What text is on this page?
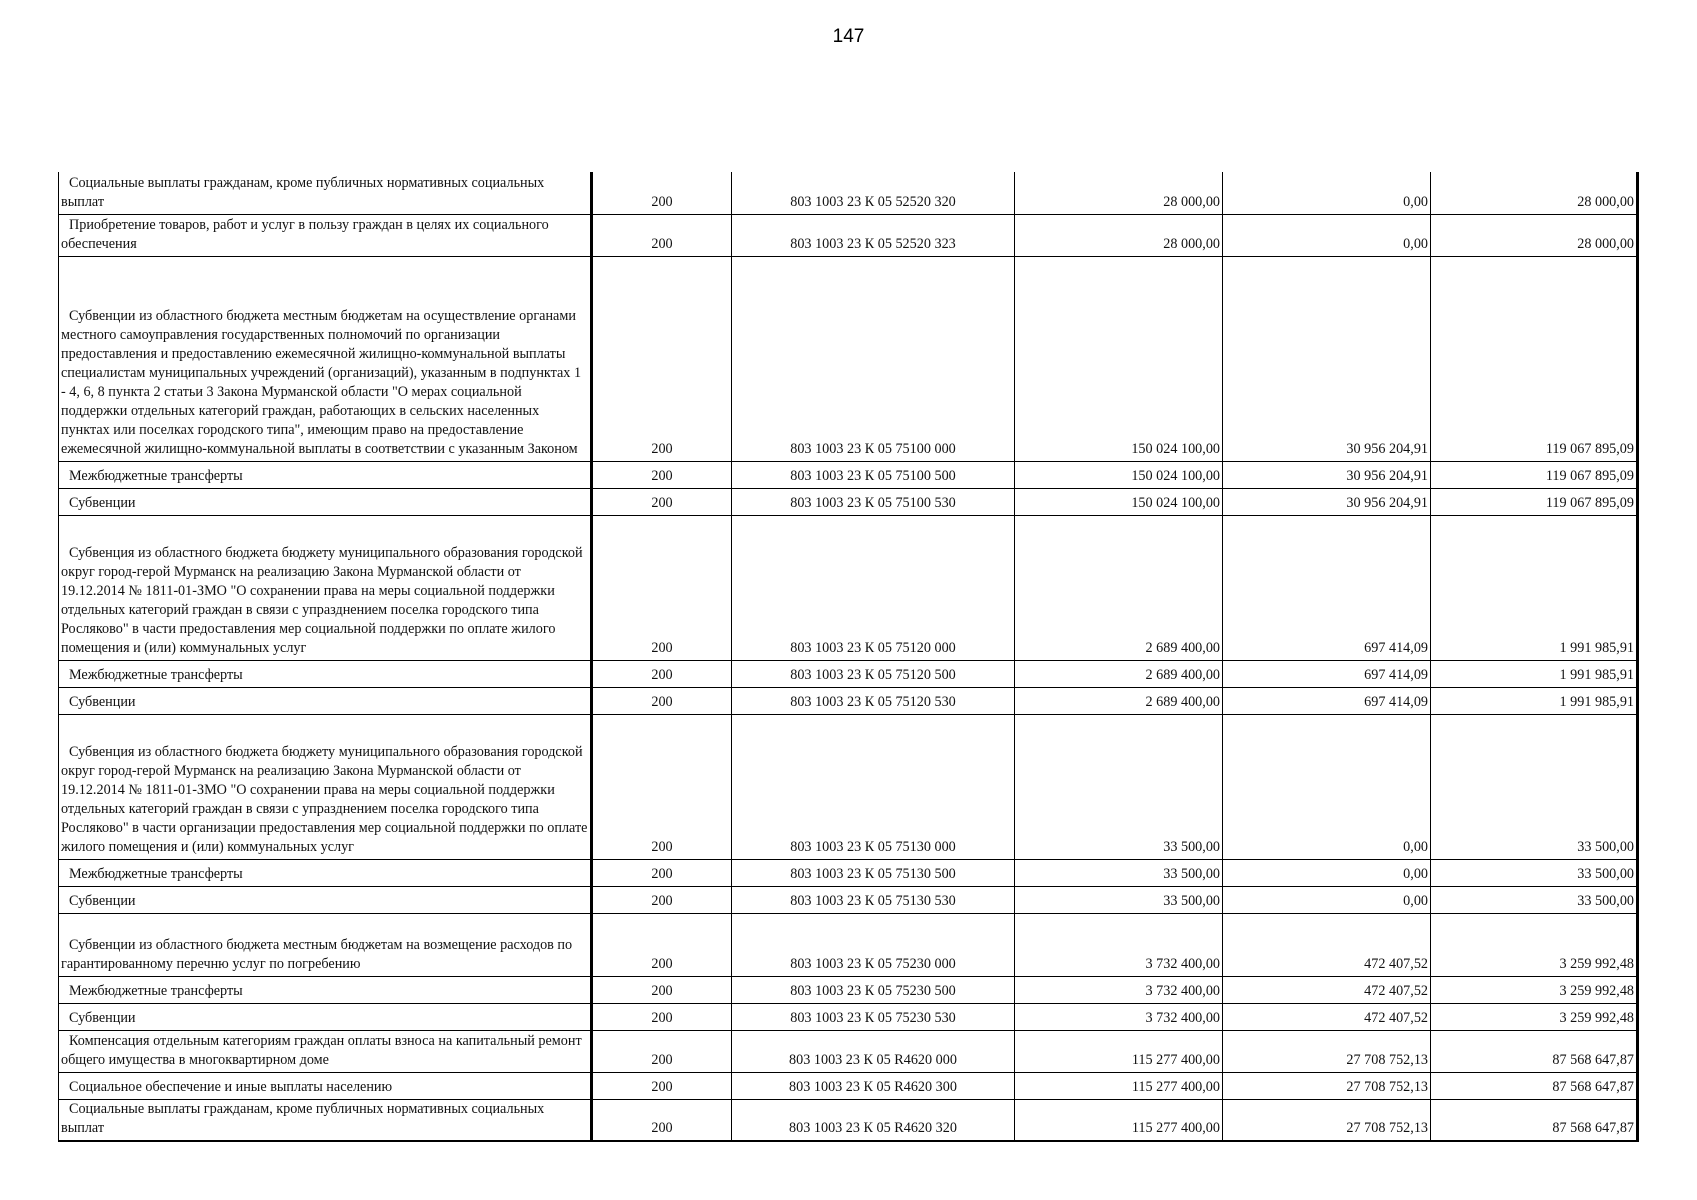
147
Социальные выплаты гражданам, кроме публичных нормативных социальных выплат	200	803 1003 23 К 05 52520 320	28 000,00	0,00	28 000,00

Приобретение товаров, работ и услуг в пользу граждан в целях их социального обеспечения	200	803 1003 23 К 05 52520 323	28 000,00	0,00	28 000,00

Субвенции из областного бюджета местным бюджетам на осуществление органами местного самоуправления государственных полномочий по организации предоставления и предоставлению ежемесячной жилищно-коммунальной выплаты специалистам муниципальных учреждений (организаций), указанным в подпунктах 1 - 4, 6, 8 пункта 2 статьи 3 Закона Мурманской области "О мерах социальной поддержки отдельных категорий граждан, работающих в сельских населенных пунктах или поселках городского типа", имеющим право на предоставление ежемесячной жилищно-коммунальной выплаты в соответствии с указанным Законом	200	803 1003 23 К 05 75100 000	150 024 100,00	30 956 204,91	119 067 895,09

Межбюджетные трансферты	200	803 1003 23 К 05 75100 500	150 024 100,00	30 956 204,91	119 067 895,09

Субвенции	200	803 1003 23 К 05 75100 530	150 024 100,00	30 956 204,91	119 067 895,09

Субвенция из областного бюджета бюджету муниципального образования городской округ город-герой Мурманск на реализацию Закона Мурманской области от 19.12.2014 № 1811-01-ЗМО "О сохранении права на меры социальной поддержки отдельных категорий граждан в связи с упразднением поселка городского типа Росляково" в части предоставления мер социальной поддержки по оплате жилого помещения и (или) коммунальных услуг	200	803 1003 23 К 05 75120 000	2 689 400,00	697 414,09	1 991 985,91

Межбюджетные трансферты	200	803 1003 23 К 05 75120 500	2 689 400,00	697 414,09	1 991 985,91

Субвенции	200	803 1003 23 К 05 75120 530	2 689 400,00	697 414,09	1 991 985,91

Субвенция из областного бюджета бюджету муниципального образования городской округ город-герой Мурманск на реализацию Закона Мурманской области от 19.12.2014 № 1811-01-ЗМО "О сохранении права на меры социальной поддержки отдельных категорий граждан в связи с упразднением поселка городского типа Росляково" в части организации предоставления мер социальной поддержки по оплате жилого помещения и (или) коммунальных услуг	200	803 1003 23 К 05 75130 000	33 500,00	0,00	33 500,00

Межбюджетные трансферты	200	803 1003 23 К 05 75130 500	33 500,00	0,00	33 500,00

Субвенции	200	803 1003 23 К 05 75130 530	33 500,00	0,00	33 500,00

Субвенции из областного бюджета местным бюджетам на возмещение расходов по гарантированному перечню услуг по погребению	200	803 1003 23 К 05 75230 000	3 732 400,00	472 407,52	3 259 992,48

Межбюджетные трансферты	200	803 1003 23 К 05 75230 500	3 732 400,00	472 407,52	3 259 992,48

Субвенции	200	803 1003 23 К 05 75230 530	3 732 400,00	472 407,52	3 259 992,48

Компенсация отдельным категориям граждан оплаты взноса на капитальный ремонт общего имущества в многоквартирном доме	200	803 1003 23 К 05 R4620 000	115 277 400,00	27 708 752,13	87 568 647,87

Социальное обеспечение и иные выплаты населению	200	803 1003 23 К 05 R4620 300	115 277 400,00	27 708 752,13	87 568 647,87

Социальные выплаты гражданам, кроме публичных нормативных социальных выплат	200	803 1003 23 К 05 R4620 320	115 277 400,00	27 708 752,13	87 568 647,87
